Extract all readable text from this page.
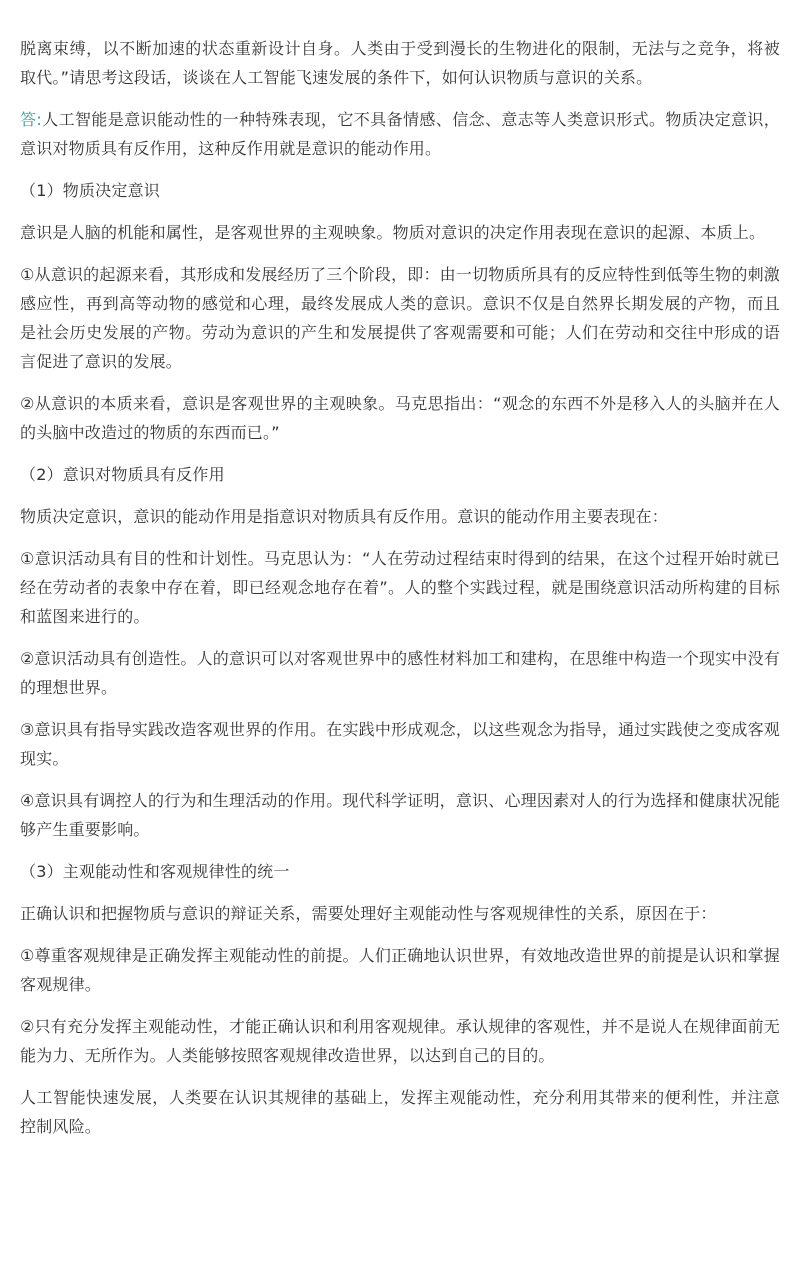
脱离束缚，以不断加速的状态重新设计自身。人类由于受到漫长的生物进化的限制，无法与之竞争，将被取代。”请思考这段话，谈谈在人工智能飞速发展的条件下，如何认识物质与意识的关系。

答:人工智能是意识能动性的一种特殊表现，它不具备情感、信念、意志等人类意识形式。物质决定意识，意识对物质具有反作用，这种反作用就是意识的能动作用。

（1）物质决定意识

意识是人脑的机能和属性，是客观世界的主观映象。物质对意识的决定作用表现在意识的起源、本质上。

①从意识的起源来看，其形成和发展经历了三个阶段，即：由一切物质所具有的反应特性到低等生物的刺激感应性，再到高等动物的感觉和心理，最终发展成人类的意识。意识不仅是自然界长期发展的产物，而且是社会历史发展的产物。劳动为意识的产生和发展提供了客观需要和可能；人们在劳动和交往中形成的语言促进了意识的发展。

②从意识的本质来看，意识是客观世界的主观映象。马克思指出：“观念的东西不外是移入人的头脑并在人的头脑中改造过的物质的东西而已。”

（2）意识对物质具有反作用

物质决定意识，意识的能动作用是指意识对物质具有反作用。意识的能动作用主要表现在：

①意识活动具有目的性和计划性。马克思认为：“人在劳动过程结束时得到的结果，在这个过程开始时就已经在劳动者的表象中存在着，即已经观念地存在着”。人的整个实践过程，就是围绕意识活动所构建的目标和蓝图来进行的。

②意识活动具有创造性。人的意识可以对客观世界中的感性材料加工和建构，在思维中构造一个现实中没有的理想世界。

③意识具有指导实践改造客观世界的作用。在实践中形成观念，以这些观念为指导，通过实践使之变成客观现实。

④意识具有调控人的行为和生理活动的作用。现代科学证明，意识、心理因素对人的行为选择和健康状况能够产生重要影响。

（3）主观能动性和客观规律性的统一

正确认识和把握物质与意识的辩证关系，需要处理好主观能动性与客观规律性的关系，原因在于：

①尊重客观规律是正确发挥主观能动性的前提。人们正确地认识世界，有效地改造世界的前提是认识和掌握客观规律。

②只有充分发挥主观能动性，才能正确认识和利用客观规律。承认规律的客观性，并不是说人在规律面前无能为力、无所作为。人类能够按照客观规律改造世界，以达到自己的目的。

人工智能快速发展，人类要在认识其规律的基础上，发挥主观能动性，充分利用其带来的便利性，并注意控制风险。
